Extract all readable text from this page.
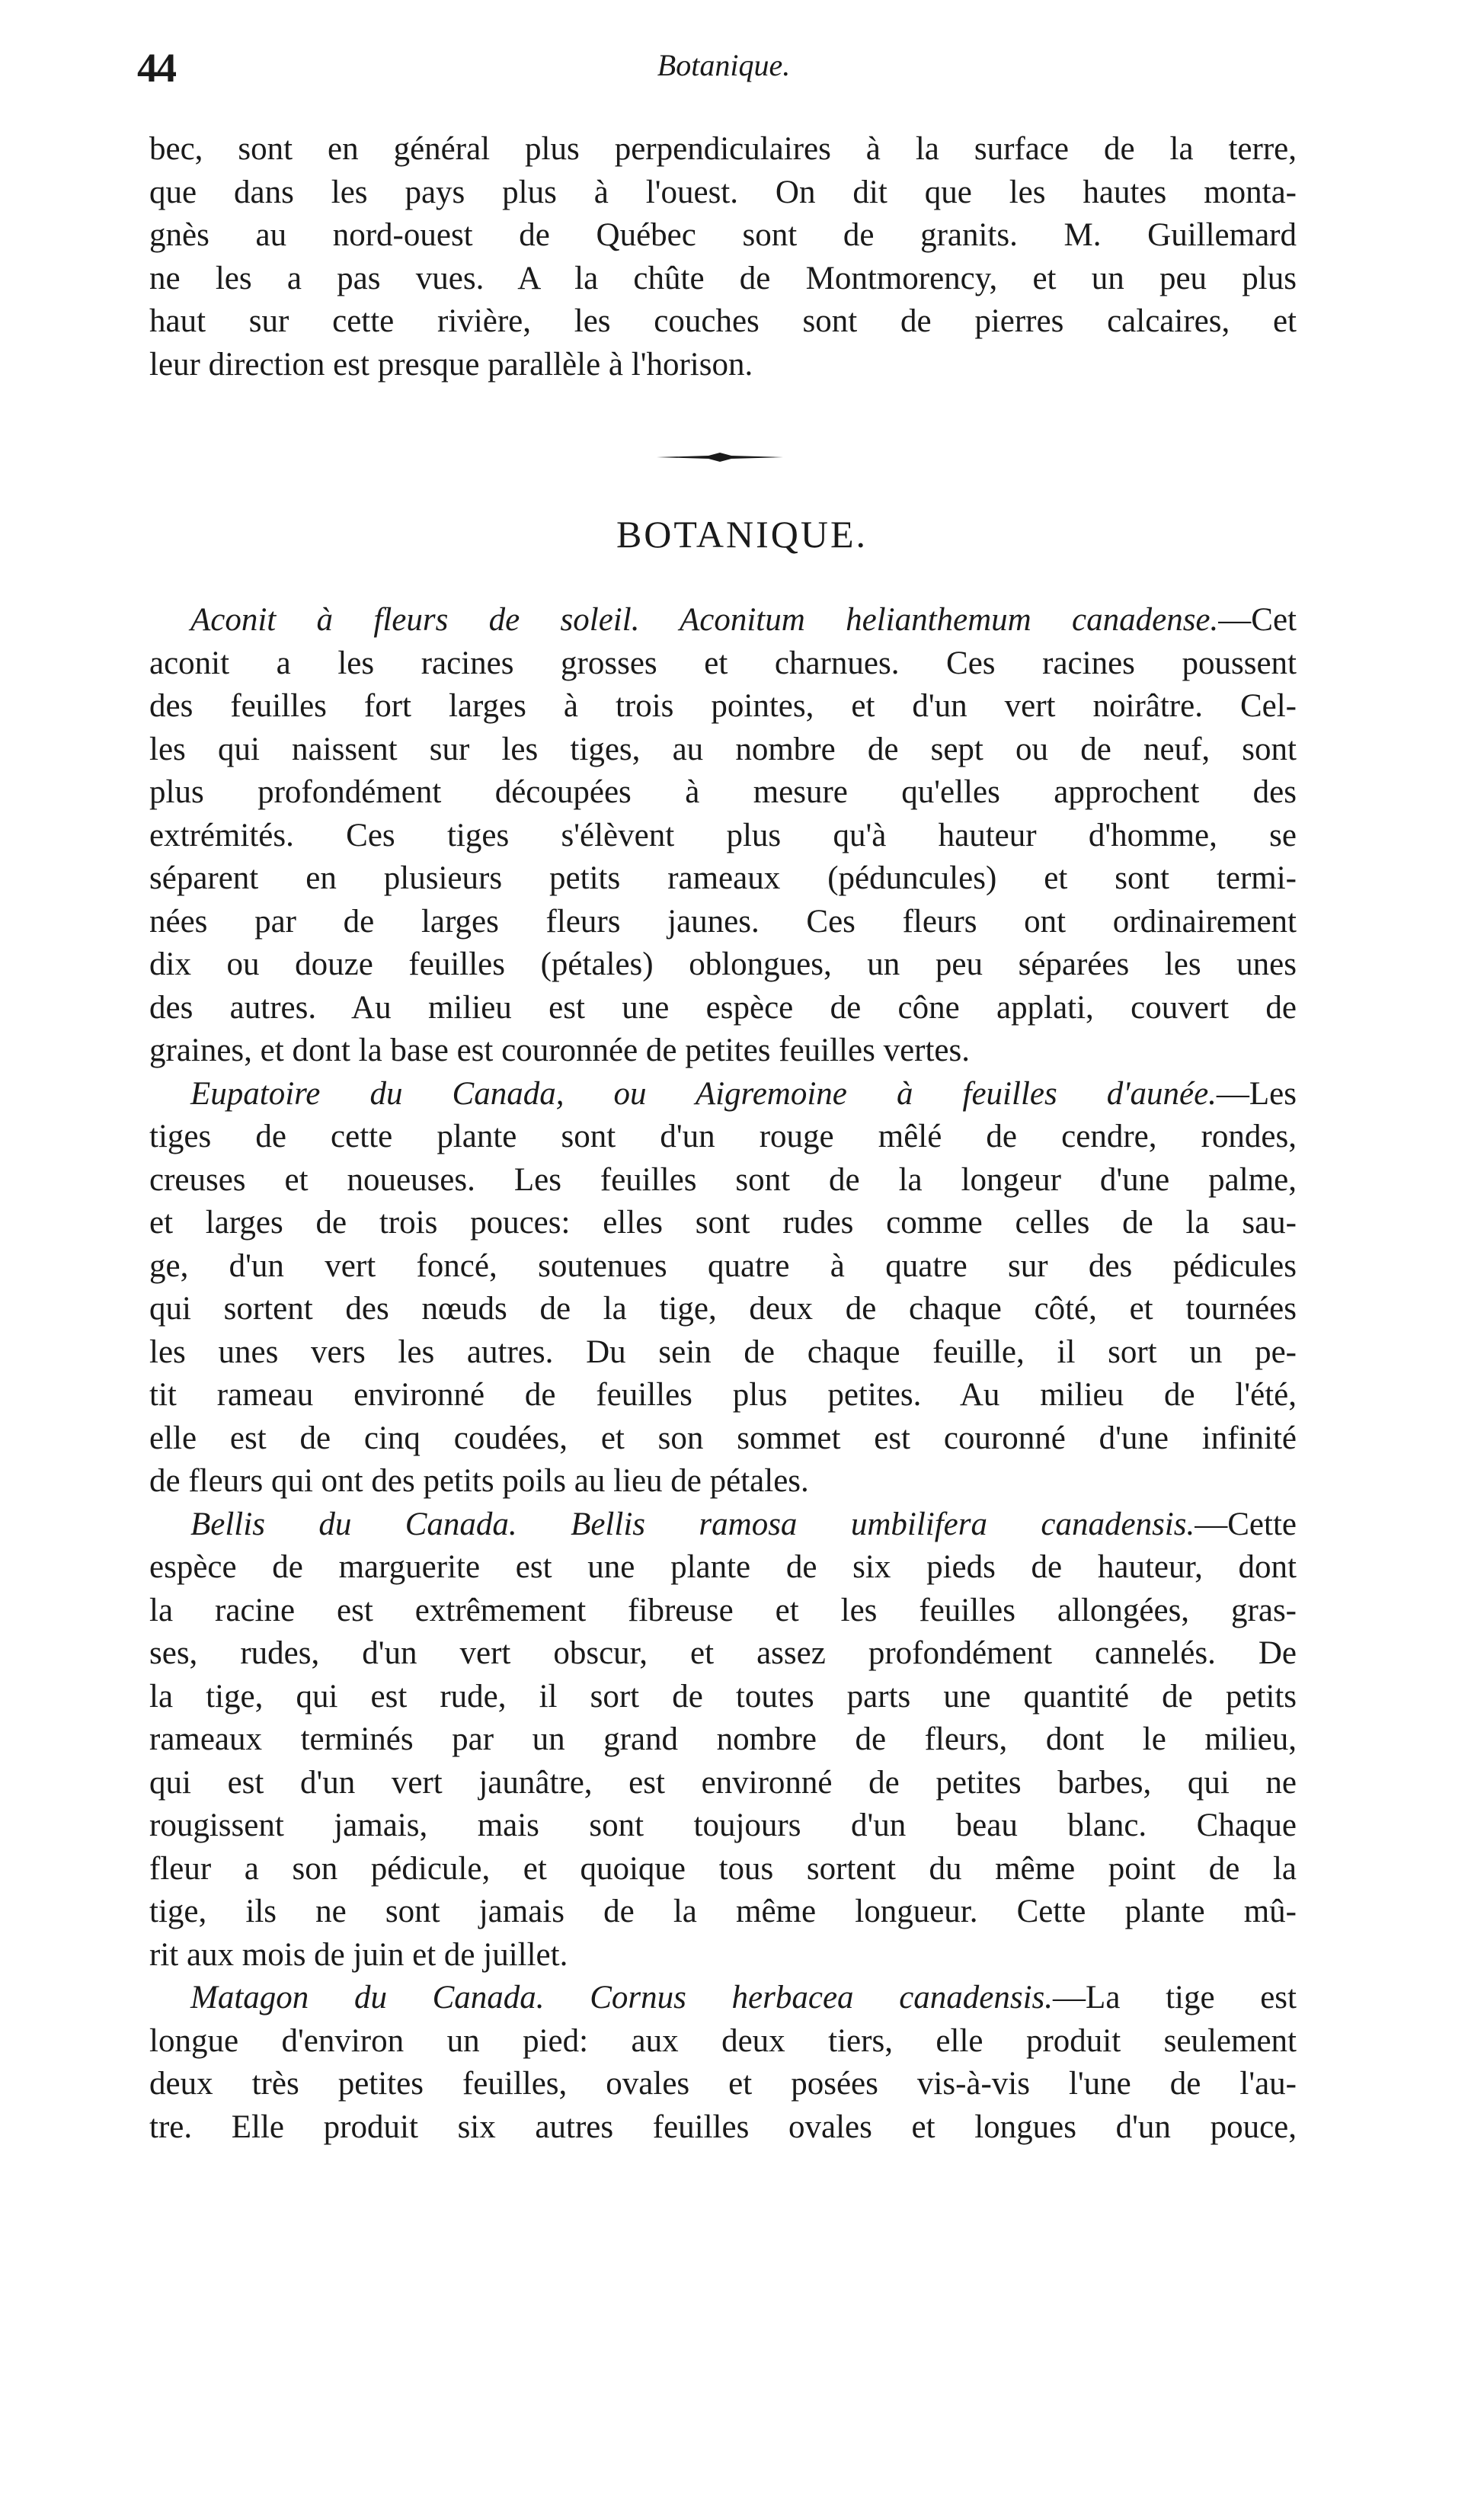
44	Botanique.
bec, sont en général plus perpendiculaires à la surface de la terre,
que dans les pays plus à l'ouest. On dit que les hautes monta-
gnès au nord-ouest de Québec sont de granits. M. Guillemard
ne les a pas vues. A la chûte de Montmorency, et un peu plus
haut sur cette rivière, les couches sont de pierres calcaires, et
leur direction est presque parallèle à l'horison.
BOTANIQUE.
Aconit à fleurs de soleil. Aconitum helianthemum canadense.—Cet
aconit a les racines grosses et charnues. Ces racines poussent
des feuilles fort larges à trois pointes, et d'un vert noirâtre. Cel-
les qui naissent sur les tiges, au nombre de sept ou de neuf, sont
plus profondément découpées à mesure qu'elles approchent des
extrémités. Ces tiges s'élèvent plus qu'à hauteur d'homme, se
séparent en plusieurs petits rameaux (péduncules) et sont termi-
nées par de larges fleurs jaunes. Ces fleurs ont ordinairement
dix ou douze feuilles (pétales) oblongues, un peu séparées les unes
des autres. Au milieu est une espèce de cône applati, couvert de
graines, et dont la base est couronnée de petites feuilles vertes.
Eupatoire du Canada, ou Aigremoine à feuilles d'aunée.—Les
tiges de cette plante sont d'un rouge mêlé de cendre, rondes,
creuses et noueuses. Les feuilles sont de la longeur d'une palme,
et larges de trois pouces: elles sont rudes comme celles de la sau-
ge, d'un vert foncé, soutenues quatre à quatre sur des pédicules
qui sortent des nœuds de la tige, deux de chaque côté, et tournées
les unes vers les autres. Du sein de chaque feuille, il sort un pe-
tit rameau environné de feuilles plus petites. Au milieu de l'été,
elle est de cinq coudées, et son sommet est couronné d'une infinité
de fleurs qui ont des petits poils au lieu de pétales.
Bellis du Canada. Bellis ramosa umbilifera canadensis.—Cette
espèce de marguerite est une plante de six pieds de hauteur, dont
la racine est extrêmement fibreuse et les feuilles allongées, gras-
ses, rudes, d'un vert obscur, et assez profondément cannelés. De
la tige, qui est rude, il sort de toutes parts une quantité de petits
rameaux terminés par un grand nombre de fleurs, dont le milieu,
qui est d'un vert jaunâtre, est environné de petites barbes, qui ne
rougissent jamais, mais sont toujours d'un beau blanc. Chaque
fleur a son pédicule, et quoique tous sortent du même point de la
tige, ils ne sont jamais de la même longueur. Cette plante mû-
rit aux mois de juin et de juillet.
Matagon du Canada. Cornus herbacea canadensis.—La tige est
longue d'environ un pied: aux deux tiers, elle produit seulement
deux très petites feuilles, ovales et posées vis-à-vis l'une de l'au-
tre. Elle produit six autres feuilles ovales et longues d'un pouce,
